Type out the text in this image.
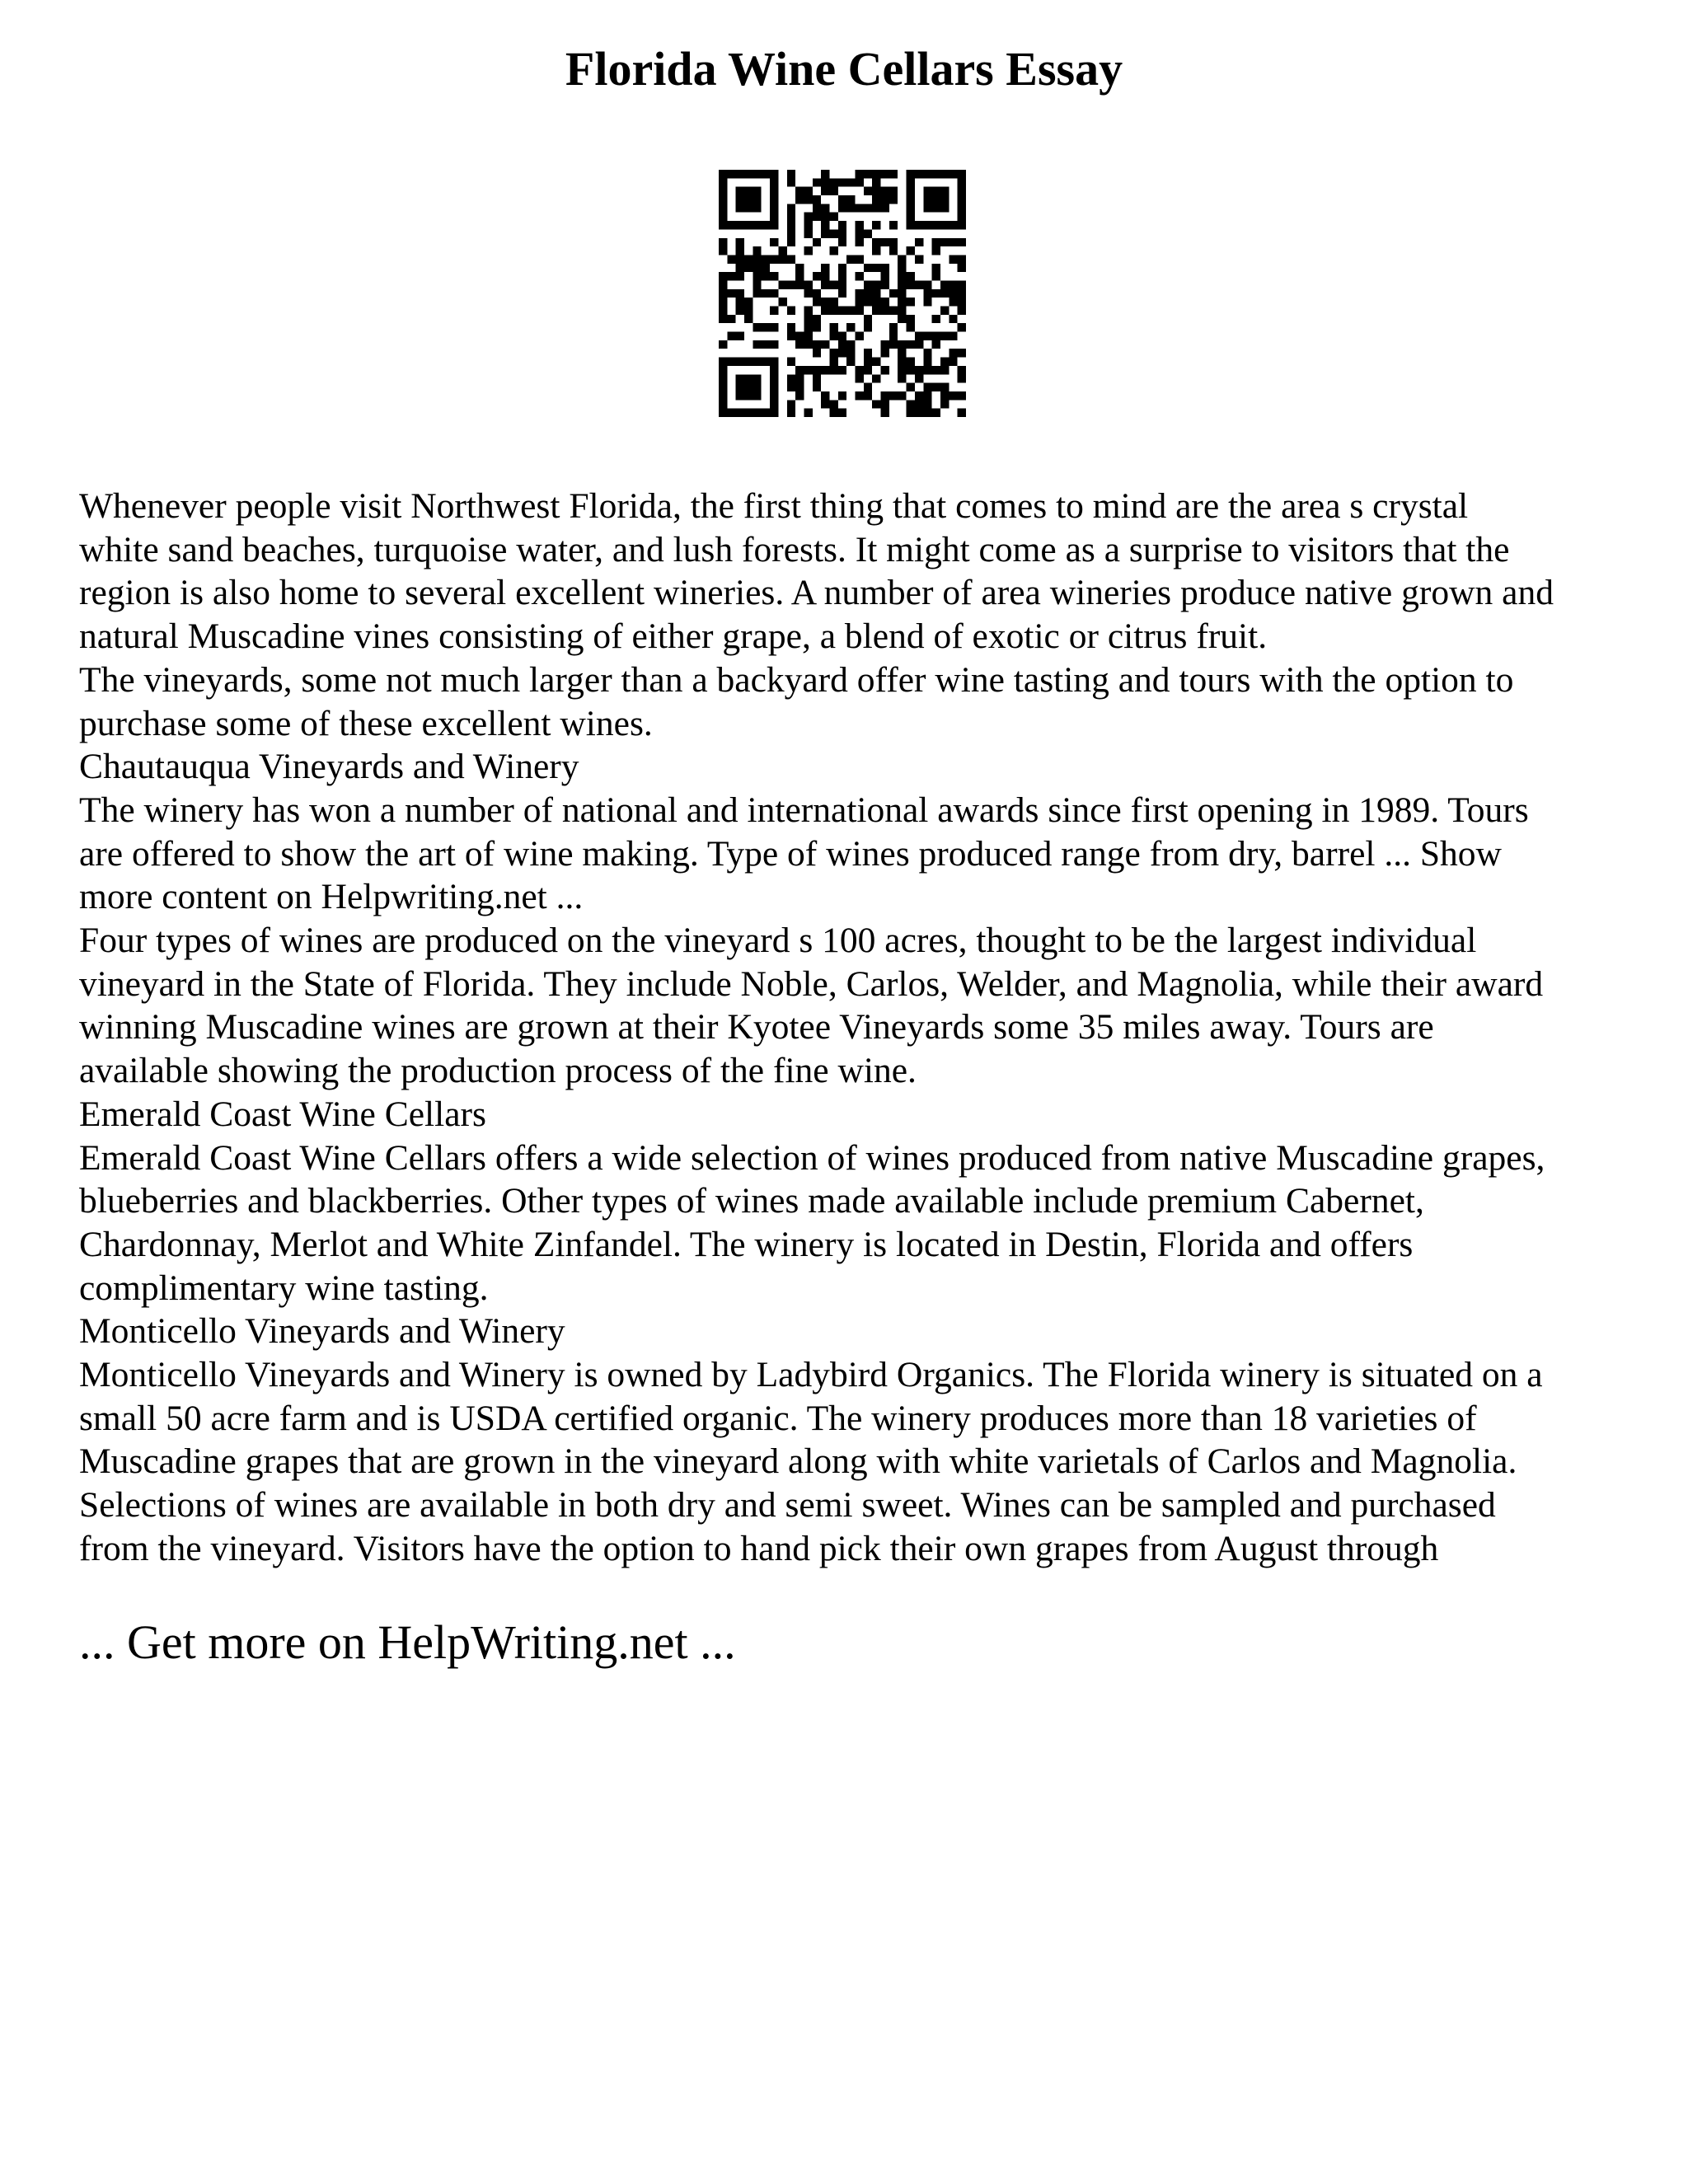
Florida Wine Cellars Essay
Whenever people visit Northwest Florida, the first thing that comes to mind are the area s crystal
white sand beaches, turquoise water, and lush forests. It might come as a surprise to visitors that the
region is also home to several excellent wineries. A number of area wineries produce native grown and
natural Muscadine vines consisting of either grape, a blend of exotic or citrus fruit.
The vineyards, some not much larger than a backyard offer wine tasting and tours with the option to
purchase some of these excellent wines.
Chautauqua Vineyards and Winery
The winery has won a number of national and international awards since first opening in 1989. Tours
are offered to show the art of wine making. Type of wines produced range from dry, barrel ... Show
more content on Helpwriting.net ...
Four types of wines are produced on the vineyard s 100 acres, thought to be the largest individual
vineyard in the State of Florida. They include Noble, Carlos, Welder, and Magnolia, while their award
winning Muscadine wines are grown at their Kyotee Vineyards some 35 miles away. Tours are
available showing the production process of the fine wine.
Emerald Coast Wine Cellars
Emerald Coast Wine Cellars offers a wide selection of wines produced from native Muscadine grapes,
blueberries and blackberries. Other types of wines made available include premium Cabernet,
Chardonnay, Merlot and White Zinfandel. The winery is located in Destin, Florida and offers
complimentary wine tasting.
Monticello Vineyards and Winery
Monticello Vineyards and Winery is owned by Ladybird Organics. The Florida winery is situated on a
small 50 acre farm and is USDA certified organic. The winery produces more than 18 varieties of
Muscadine grapes that are grown in the vineyard along with white varietals of Carlos and Magnolia.
Selections of wines are available in both dry and semi sweet. Wines can be sampled and purchased
from the vineyard. Visitors have the option to hand pick their own grapes from August through

... Get more on HelpWriting.net ...
